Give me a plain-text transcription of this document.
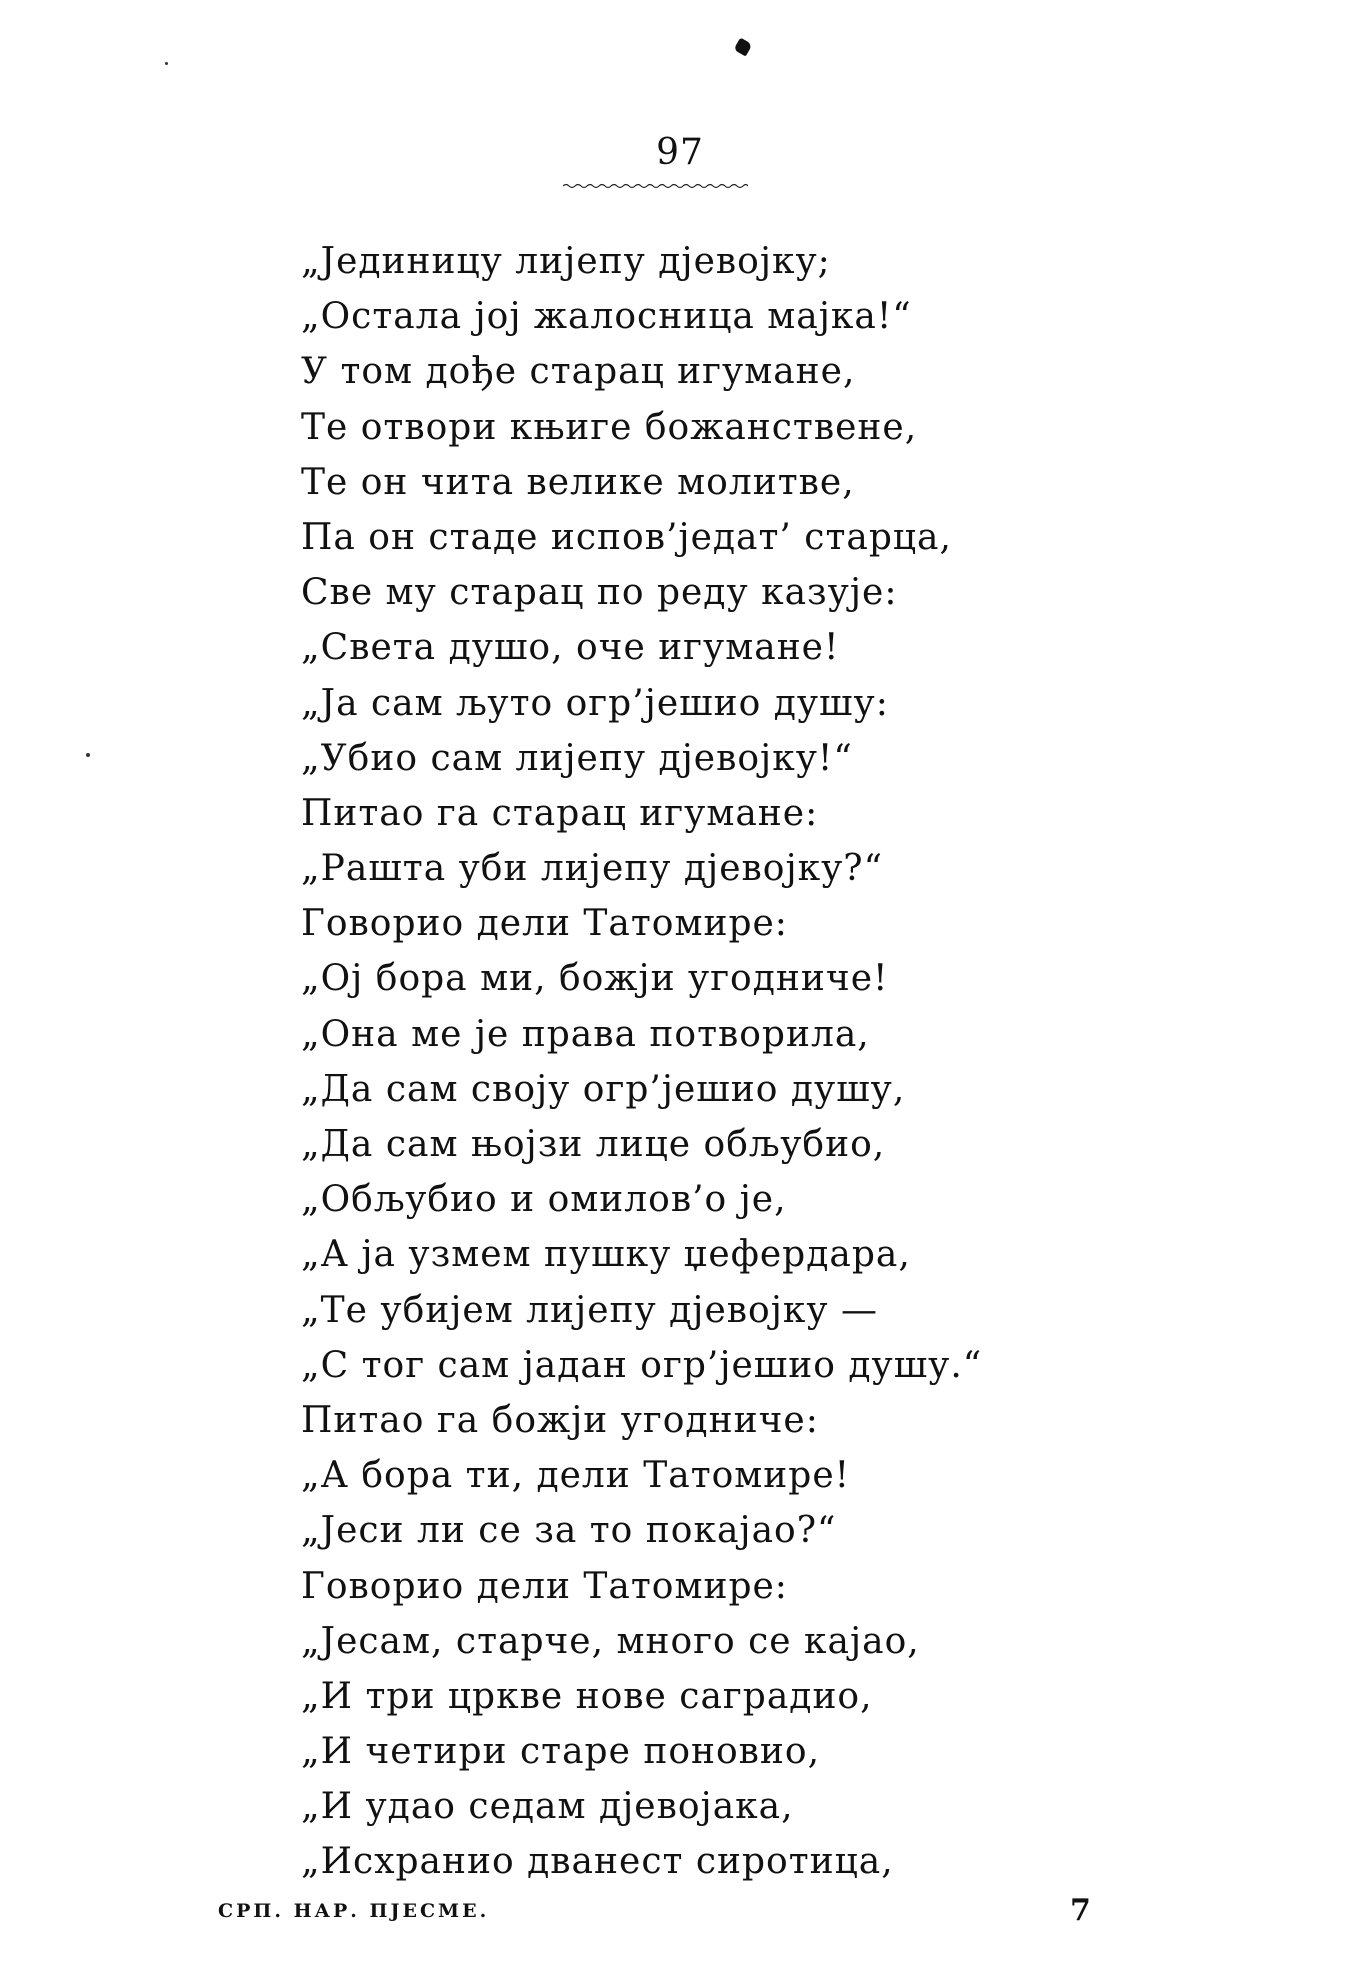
97
„Јединицу лијепу дјевојку;
„Остала јој жалосница мајка!“
У том дође старац игумане,
Те отвори књиге божанствене,
Те он чита велике молитве,
Па он стаде испов’једат’ старца,
Све му старац по реду казује:
„Света душо, оче игумане!
„Ја сам љуто огр’јешио душу:
„Убио сам лијепу дјевојку!“
Питао га старац игумане:
„Рашта уби лијепу дјевојку?“
Говорио дели Татомире:
„Ој бора ми, божји угодниче!
„Она ме је права потворила,
„Да сам своју огр’јешио душу,
„Да сам њојзи лице обљубио,
„Обљубио и омилов’о је,
„А ја узмем пушку џефердара,
„Те убијем лијепу дјевојку —
„С тог сам јадан огр’јешио душу.“
Питао га божји угодниче:
„А бора ти, дели Татомире!
„Јеси ли се за то покајао?“
Говорио дели Татомире:
„Јесам, старче, много се кајао,
„И три цркве нове саградио,
„И четири старе поновио,
„И удао седам дјевојака,
„Исхранио дванест сиротица,
СРП. НАР. ПЈЕСМЕ.	7
